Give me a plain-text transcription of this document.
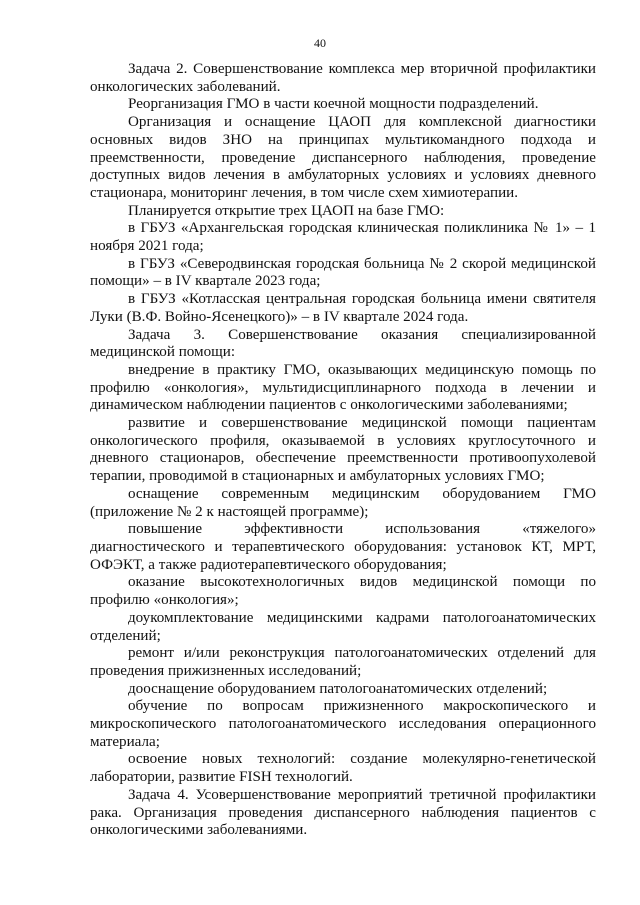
40

Задача 2. Совершенствование комплекса мер вторичной профилактики онкологических заболеваний.

Реорганизация ГМО в части коечной мощности подразделений.

Организация и оснащение ЦАОП для комплексной диагностики основных видов ЗНО на принципах мультикомандного подхода и преемственности, проведение диспансерного наблюдения, проведение доступных видов лечения в амбулаторных условиях и условиях дневного стационара, мониторинг лечения, в том числе схем химиотерапии.

Планируется открытие трех ЦАОП на базе ГМО:

в ГБУЗ «Архангельская городская клиническая поликлиника № 1» – 1 ноября 2021 года;

в ГБУЗ «Северодвинская городская больница № 2 скорой медицинской помощи» – в IV квартале 2023 года;

в ГБУЗ «Котласская центральная городская больница имени святителя Луки (В.Ф. Войно-Ясенецкого)» – в IV квартале 2024 года.

Задача 3. Совершенствование оказания специализированной медицинской помощи:

внедрение в практику ГМО, оказывающих медицинскую помощь по профилю «онкология», мультидисциплинарного подхода в лечении и динамическом наблюдении пациентов с онкологическими заболеваниями;

развитие и совершенствование медицинской помощи пациентам онкологического профиля, оказываемой в условиях круглосуточного и дневного стационаров, обеспечение преемственности противоопухолевой терапии, проводимой в стационарных и амбулаторных условиях ГМО;

оснащение современным медицинским оборудованием ГМО (приложение № 2 к настоящей программе);

повышение эффективности использования «тяжелого» диагностического и терапевтического оборудования: установок КТ, МРТ, ОФЭКТ, а также радиотерапевтического оборудования;

оказание высокотехнологичных видов медицинской помощи по профилю «онкология»;

доукомплектование медицинскими кадрами патологоанатомических отделений;

ремонт и/или реконструкция патологоанатомических отделений для проведения прижизненных исследований;

дооснащение оборудованием патологоанатомических отделений;

обучение по вопросам прижизненного макроскопического и микроскопического патологоанатомического исследования операционного материала;

освоение новых технологий: создание молекулярно-генетической лаборатории, развитие FISH технологий.

Задача 4. Усовершенствование мероприятий третичной профилактики рака. Организация проведения диспансерного наблюдения пациентов с онкологическими заболеваниями.
